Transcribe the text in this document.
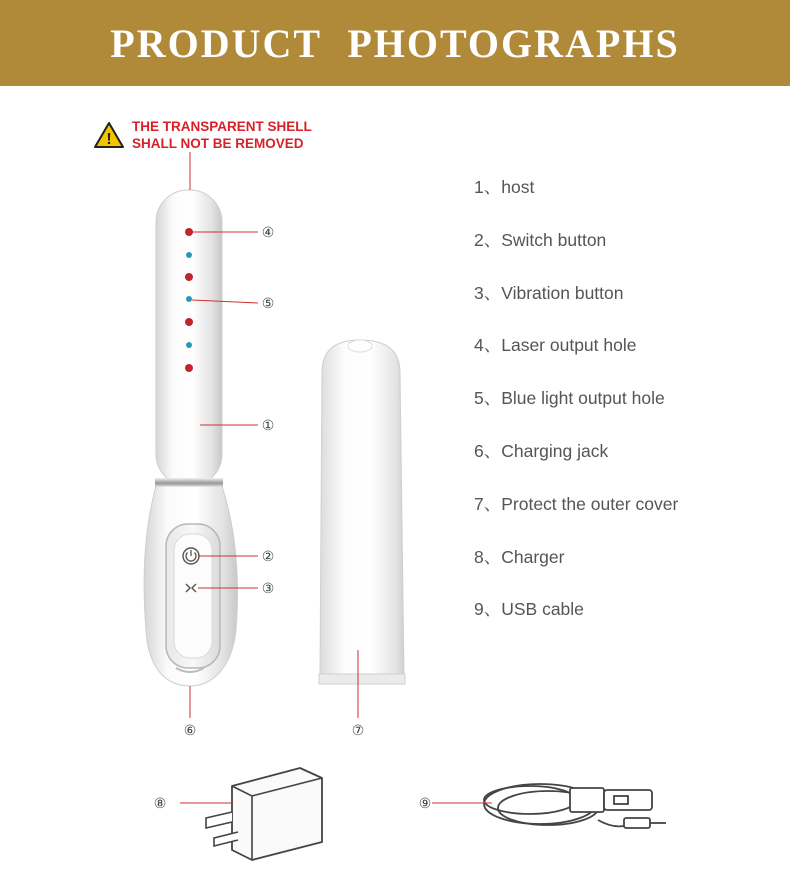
PRODUCT PHOTOGRAPHS
!
THE TRANSPARENT SHELL
SHALL NOT BE REMOVED
④
⑤
①
②
③
⑥	⑦
⑧	⑨
1、host
2、Switch button
3、Vibration button
4、Laser output hole
5、Blue light output hole
6、Charging jack
7、Protect the outer cover
8、Charger
9、USB cable
